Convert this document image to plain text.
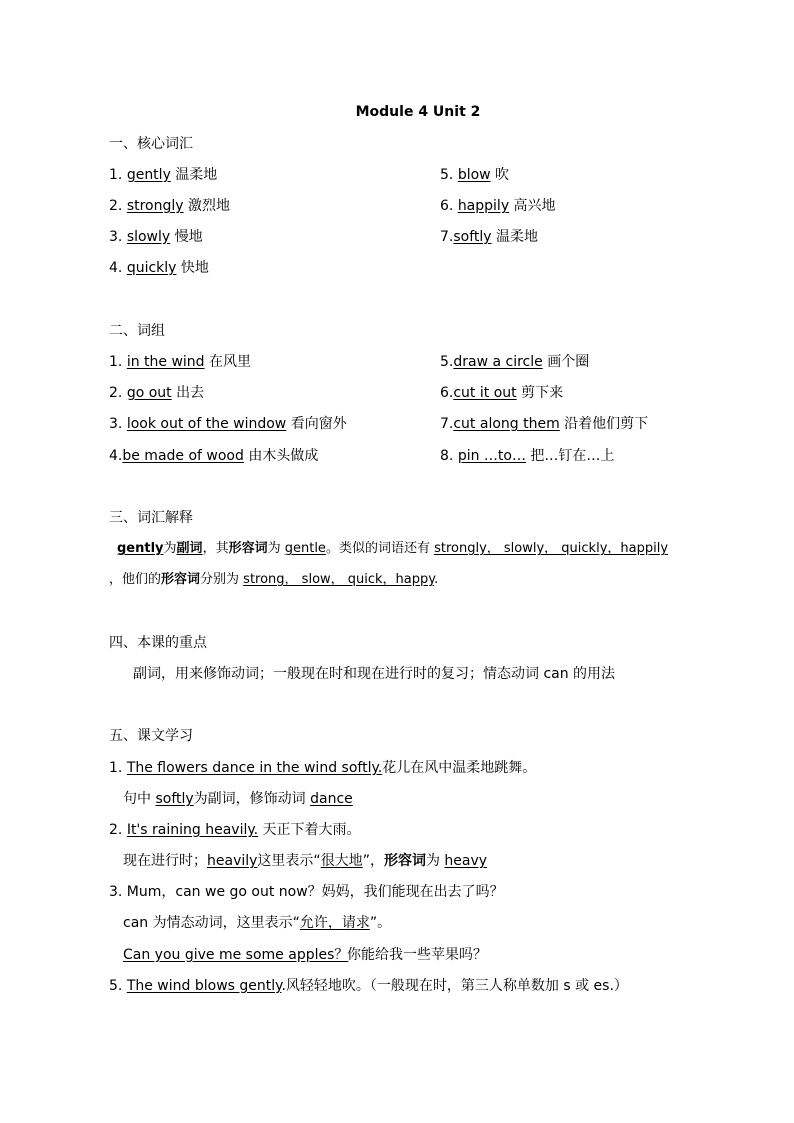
Module 4 Unit 2
一、核心词汇
1. gently 温柔地
2. strongly 激烈地
3. slowly 慢地
4. quickly 快地
5. blow 吹
6. happily 高兴地
7.softly 温柔地
二、词组
1. in the wind 在风里
2. go out 出去
3. look out of the window 看向窗外
4.be made of wood 由木头做成
5.draw a circle 画个圈
6.cut it out 剪下来
7.cut along them 沿着他们剪下
8. pin …to… 把…钉在…上
三、词汇解释
gently为副词，其形容词为 gentle。类似的词语还有 strongly， slowly， quickly，happily
，他们的形容词分别为 strong， slow， quick，happy.
四、本课的重点
副词，用来修饰动词；一般现在时和现在进行时的复习；情态动词 can 的用法
五、课文学习
1. The flowers dance in the wind softly.花儿在风中温柔地跳舞。
句中 softly为副词，修饰动词 dance
2. It's raining heavily. 天正下着大雨。
现在进行时；heavily这里表示“很大地”，形容词为 heavy
3. Mum，can we go out now？妈妈，我们能现在出去了吗？
can 为情态动词，这里表示“允许，请求”。
Can you give me some apples？你能给我一些苹果吗？
5. The wind blows gently.风轻轻地吹。（一般现在时，第三人称单数加 s 或 es.）
